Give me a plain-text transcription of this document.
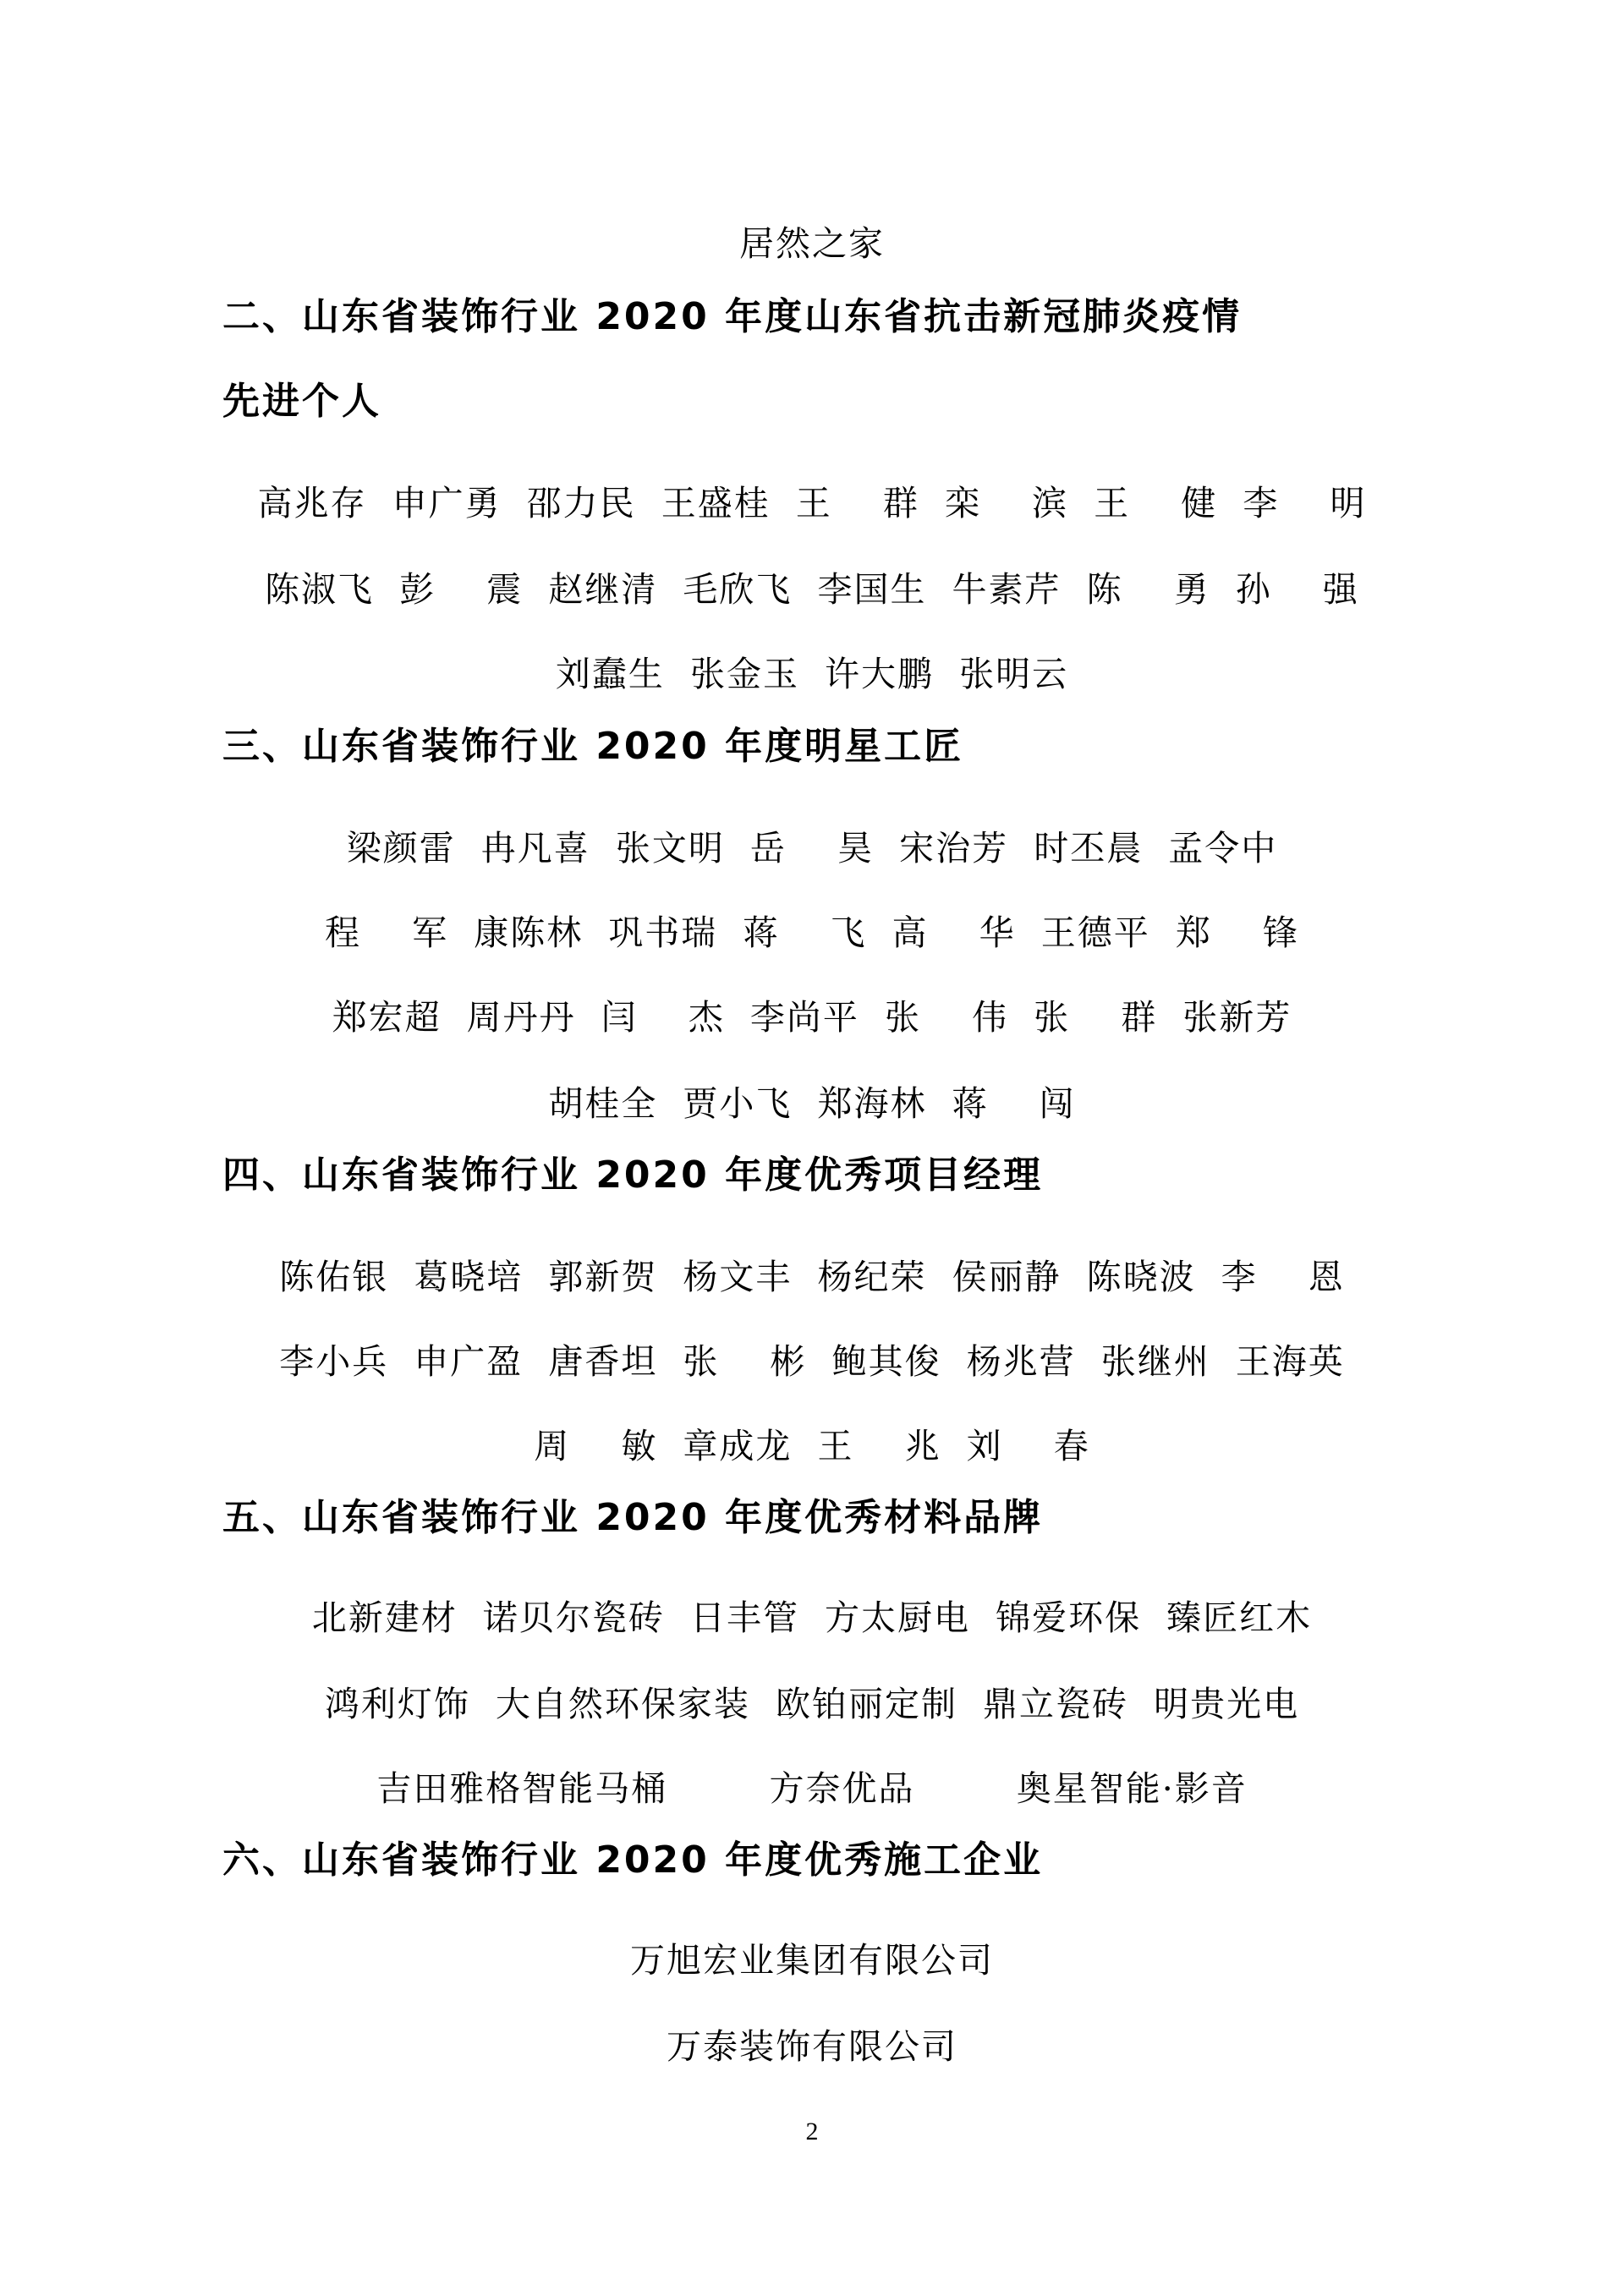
居然之家
二、山东省装饰行业 2020 年度山东省抗击新冠肺炎疫情
先进个人
高兆存  申广勇  邵力民  王盛桂  王    群  栾    滨  王    健  李    明
陈淑飞  彭    震  赵继清  毛欣飞  李国生  牛素芹  陈    勇  孙    强
刘蠢生  张金玉  许大鹏  张明云
三、山东省装饰行业 2020 年度明星工匠
梁颜雷  冉凡喜  张文明  岳    昊  宋治芳  时丕晨  孟令中
程    军  康陈林  巩书瑞  蒋    飞  高    华  王德平  郑    锋
郑宏超  周丹丹  闫    杰  李尚平  张    伟  张    群  张新芳
胡桂全  贾小飞  郑海林  蒋    闯
四、山东省装饰行业 2020 年度优秀项目经理
陈佑银  葛晓培  郭新贺  杨文丰  杨纪荣  侯丽静  陈晓波  李    恩
李小兵  申广盈  唐香坦  张    彬  鲍其俊  杨兆营  张继州  王海英
周    敏  章成龙  王    兆  刘    春
五、山东省装饰行业 2020 年度优秀材料品牌
北新建材  诺贝尔瓷砖  日丰管  方太厨电  锦爱环保  臻匠红木
鸿利灯饰  大自然环保家装  欧铂丽定制  鼎立瓷砖  明贵光电
吉田雅格智能马桶        方奈优品        奥星智能·影音
六、山东省装饰行业 2020 年度优秀施工企业
万旭宏业集团有限公司
万泰装饰有限公司
2
